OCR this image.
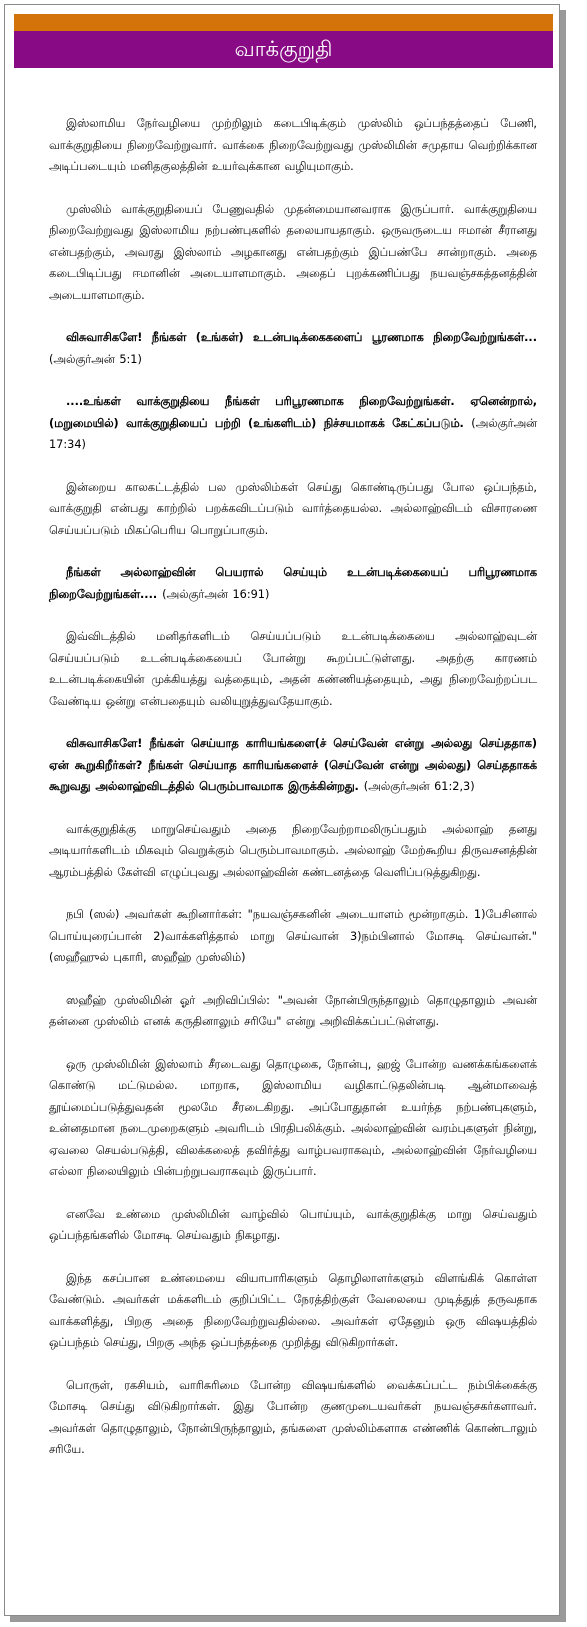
வாக்குறுதி

இஸ்லாமிய நேர்வழியை முற்றிலும் கடைபிடிக்கும் முஸ்லிம் ஒப்பந்தத்தைப் பேணி, வாக்குறுதியை நிறைவேற்றுவார். வாக்கை நிறைவேற்றுவது முஸ்லிமின் சமுதாய வெற்றிக்கான அடிப்படையும் மனிதகுலத்தின் உயர்வுக்கான வழியுமாகும்.

முஸ்லிம் வாக்குறுதியைப் பேணுவதில் முதன்மையானவராக இருப்பார். வாக்குறுதியை நிறைவேற்றுவது இஸ்லாமிய நற்பண்புகளில் தலையாயதாகும். ஒருவருடைய ஈமான் சீரானது என்பதற்கும், அவரது இஸ்லாம் அழகானது என்பதற்கும் இப்பண்பே சான்றாகும். அதை கடைபிடிப்பது ஈமானின் அடையாளமாகும். அதைப் புறக்கணிப்பது நயவஞ்சகத்தனத்தின் அடையாளமாகும்.

விசுவாசிகளே! நீங்கள் (உங்கள்) உடன்படிக்கைகளைப் பூரணமாக நிறைவேற்றுங்கள்... (அல்குர்அன் 5:1)

....உங்கள் வாக்குறுதியை நீங்கள் பரிபூரணமாக நிறைவேற்றுங்கள். ஏனென்றால், (மறுமையில்) வாக்குறுதியைப் பற்றி (உங்களிடம்) நிச்சயமாகக் கேட்கப்படும். (அல்குர்அன் 17:34)

இன்றைய காலகட்டத்தில் பல முஸ்லிம்கள் செய்து கொண்டிருப்பது போல ஒப்பந்தம், வாக்குறுதி என்பது காற்றில் பறக்கவிடப்படும் வார்த்தையல்ல. அல்லாஹ்விடம் விசாரணை செய்யப்படும் மிகப்பெரிய பொறுப்பாகும்.

நீங்கள் அல்லாஹ்வின் பெயரால் செய்யும் உடன்படிக்கையைப் பரிபூரணமாக நிறைவேற்றுங்கள்.... (அல்குர்அன் 16:91)

இவ்விடத்தில் மனிதர்களிடம் செய்யப்படும் உடன்படிக்கையை அல்லாஹ்வுடன் செய்யப்படும் உடன்படிக்கையைப் போன்று கூறப்பட்டுள்ளது. அதற்கு காரணம் உடன்படிக்கையின் முக்கியத்து வத்தையும், அதன் கண்ணியத்தையும், அது நிறைவேற்றப்பட வேண்டிய ஒன்று என்பதையும் வலியுறுத்துவதேயாகும்.

விசுவாசிகளே! நீங்கள் செய்யாத காரியங்களை(ச் செய்வேன் என்று அல்லது செய்ததாக) ஏன் கூறுகிறீர்கள்? நீங்கள் செய்யாத காரியங்களைச் (செய்வேன் என்று அல்லது) செய்ததாகக் கூறுவது அல்லாஹ்விடத்தில் பெரும்பாவமாக இருக்கின்றது. (அல்குர்அன் 61:2,3)

வாக்குறுதிக்கு மாறுசெய்வதும் அதை நிறைவேற்றாமலிருப்பதும் அல்லாஹ் தனது அடியார்களிடம் மிகவும் வெறுக்கும் பெரும்பாவமாகும். அல்லாஹ் மேற்கூறிய திருவசனத்தின் ஆரம்பத்தில் கேள்வி எழுப்புவது அல்லாஹ்வின் கண்டனத்தை வெளிப்படுத்துகிறது.

நபி (ஸல்) அவர்கள் கூறினார்கள்: "நயவஞ்சகனின் அடையாளம் மூன்றாகும். 1)பேசினால் பொய்யுரைப்பான் 2)வாக்களித்தால் மாறு செய்வான் 3)நம்பினால் மோசடி செய்வான்." (ஸஹீஹுல் புகாரி, ஸஹீஹ் முஸ்லிம்)

ஸஹீஹ் முஸ்லிமின் ஓர் அறிவிப்பில்: "அவன் நோன்பிருந்தாலும் தொழுதாலும் அவன் தன்னை முஸ்லிம் எனக் கருதினாலும் சரியே" என்று அறிவிக்கப்பட்டுள்ளது.

ஒரு முஸ்லிமின் இஸ்லாம் சீரடைவது தொழுகை, நோன்பு, ஹஜ் போன்ற வணக்கங்களைக் கொண்டு மட்டுமல்ல. மாறாக, இஸ்லாமிய வழிகாட்டுதலின்படி ஆன்மாவைத் தூய்மைப்படுத்துவதன் மூலமே சீரடைகிறது. அப்போதுதான் உயர்ந்த நற்பண்புகளும், உன்னதமான நடைமுறைகளும் அவரிடம் பிரதிபலிக்கும். அல்லாஹ்வின் வரம்புகளுள் நின்று, ஏவலை செயல்படுத்தி, விலக்கலைத் தவிர்த்து வாழ்பவராகவும், அல்லாஹ்வின் நேர்வழியை எல்லா நிலையிலும் பின்பற்றுபவராகவும் இருப்பார்.

எனவே உண்மை முஸ்லிமின் வாழ்வில் பொய்யும், வாக்குறுதிக்கு மாறு செய்வதும் ஒப்பந்தங்களில் மோசடி செய்வதும் நிகழாது.

இந்த கசப்பான உண்மையை வியாபாரிகளும் தொழிலாளர்களும் விளங்கிக் கொள்ள வேண்டும். அவர்கள் மக்களிடம் குறிப்பிட்ட நேரத்திற்குள் வேலையை முடித்துத் தருவதாக வாக்களித்து, பிறகு அதை நிறைவேற்றுவதில்லை. அவர்கள் ஏதேனும் ஒரு விஷயத்தில் ஒப்பந்தம் செய்து, பிறகு அந்த ஒப்பந்தத்தை முறித்து விடுகிறார்கள்.

பொருள், ரகசியம், வாரிசுரிமை போன்ற விஷயங்களில் வைக்கப்பட்ட நம்பிக்கைக்கு மோசடி செய்து விடுகிறார்கள். இது போன்ற குணமுடையவர்கள் நயவஞ்சகர்களாவர். அவர்கள் தொழுதாலும், நோன்பிருந்தாலும், தங்களை முஸ்லிம்களாக எண்ணிக் கொண்டாலும் சரியே.
